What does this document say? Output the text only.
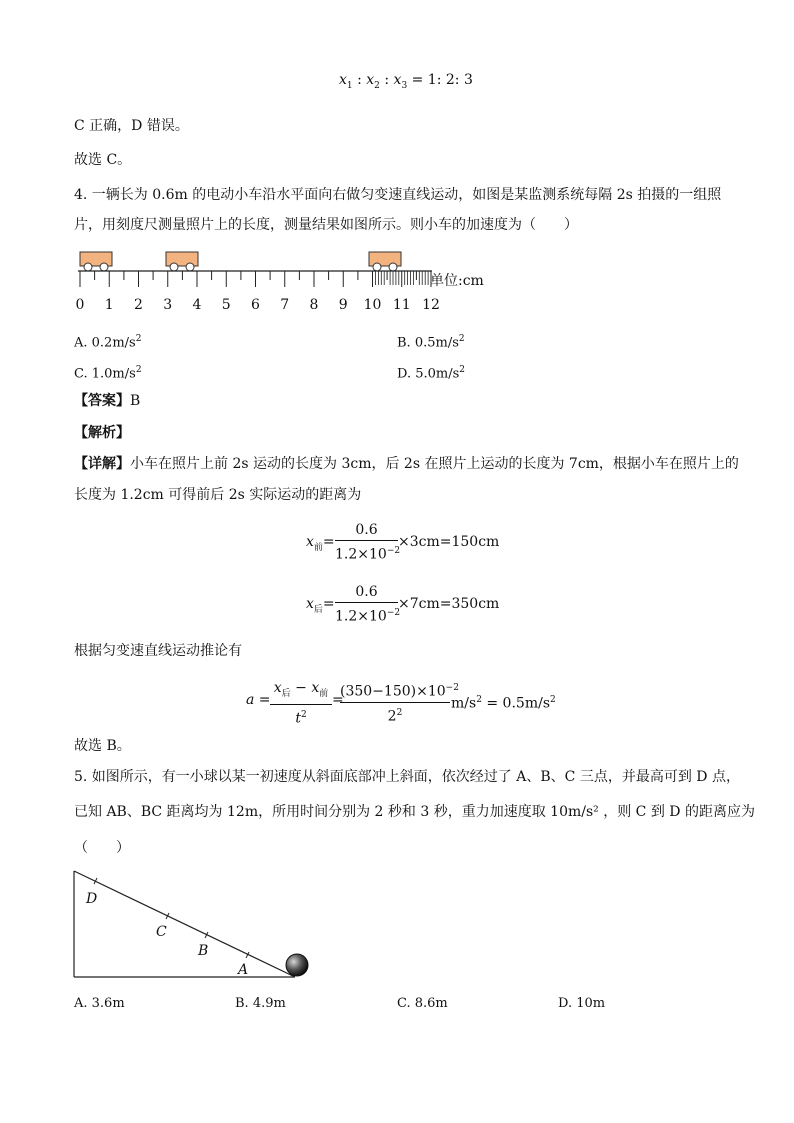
$x_1$ : $x_2$ : $x_3 = 1$: 2: 3
C 正确，D 错误。
故选 C。
4. 一辆长为 0.6m 的电动小车沿水平面向右做匀变速直线运动，如图是某监测系统每隔 2s 拍摄的一组照
片，用刻度尺测量照片上的长度，测量结果如图所示。则小车的加速度为（　　）
0 1 2 3 4 5 6 7 8 9 10 11 12
单位:cm
A. $0.2m/s^2$	B. $0.5m/s^2$
C. $1.0m/s^2$	D. $5.0m/s^2$
【答案】B
【解析】
【详解】小车在照片上前 2s 运动的长度为 3cm，后 2s 在照片上运动的长度为 7cm，根据小车在照片上的
长度为 1.2cm 可得前后 2s 实际运动的距离为
$x_前=$
0.6
$1.2\times 10^{-2}$
×3cm=150cm
$x_后=$
0.6
$1.2\times 10^{-2}$
×7cm=350cm
根据匀变速直线运动推论有
a =
$x_后 - x_前$
$t^2$
=
$(350-150)\times 10^{-2}$
$2^2$
$m/s^2 = 0.5m/s^2$
故选 B。
5. 如图所示，有一小球以某一初速度从斜面底部冲上斜面，依次经过了 A、B、C 三点，并最高可到 D 点，
已知 AB、BC 距离均为 12m，所用时间分别为 2 秒和 3 秒，重力加速度取 10m/s² ，则 C 到 D 的距离应为
（　　）
D
C
B
A
A. 3.6m	B. 4.9m	C. 8.6m	D. 10m
